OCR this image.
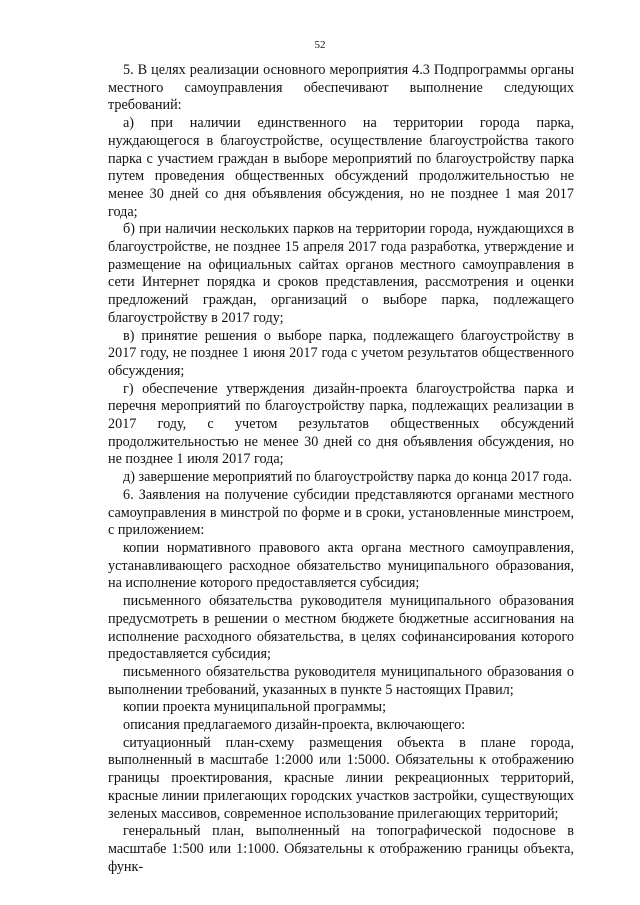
52

5. В целях реализации основного мероприятия 4.3 Подпрограммы органы местного самоуправления обеспечивают выполнение следующих требований:

а) при наличии единственного на территории города парка, нуждающегося в благоустройстве, осуществление благоустройства такого парка с участием граждан в выборе мероприятий по благоустройству парка путем проведения общественных обсуждений продолжительностью не менее 30 дней со дня объявления обсуждения, но не позднее 1 мая 2017 года;

б) при наличии нескольких парков на территории города, нуждающихся в благоустройстве, не позднее 15 апреля 2017 года разработка, утверждение и размещение на официальных сайтах органов местного самоуправления в сети Интернет порядка и сроков представления, рассмотрения и оценки предложений граждан, организаций о выборе парка, подлежащего благоустройству в 2017 году;

в) принятие решения о выборе парка, подлежащего благоустройству в 2017 году, не позднее 1 июня 2017 года с учетом результатов общественного обсуждения;

г) обеспечение утверждения дизайн-проекта благоустройства парка и перечня мероприятий по благоустройству парка, подлежащих реализации в 2017 году, с учетом результатов общественных обсуждений продолжительностью не менее 30 дней со дня объявления обсуждения, но не позднее 1 июля 2017 года;

д) завершение мероприятий по благоустройству парка до конца 2017 года.

6. Заявления на получение субсидии представляются органами местного самоуправления в минстрой по форме и в сроки, установленные минстроем, с приложением:

копии нормативного правового акта органа местного самоуправления, устанавливающего расходное обязательство муниципального образования, на исполнение которого предоставляется субсидия;

письменного обязательства руководителя муниципального образования предусмотреть в решении о местном бюджете бюджетные ассигнования на исполнение расходного обязательства, в целях софинансирования которого предоставляется субсидия;

письменного обязательства руководителя муниципального образования о выполнении требований, указанных в пункте 5 настоящих Правил;

копии проекта муниципальной программы;

описания предлагаемого дизайн-проекта, включающего:

ситуационный план-схему размещения объекта в плане города, выполненный в масштабе 1:2000 или 1:5000. Обязательны к отображению границы проектирования, красные линии рекреационных территорий, красные линии прилегающих городских участков застройки, существующих зеленых массивов, современное использование прилегающих территорий;

генеральный план, выполненный на топографической подоснове в масштабе 1:500 или 1:1000. Обязательны к отображению границы объекта, функ-
